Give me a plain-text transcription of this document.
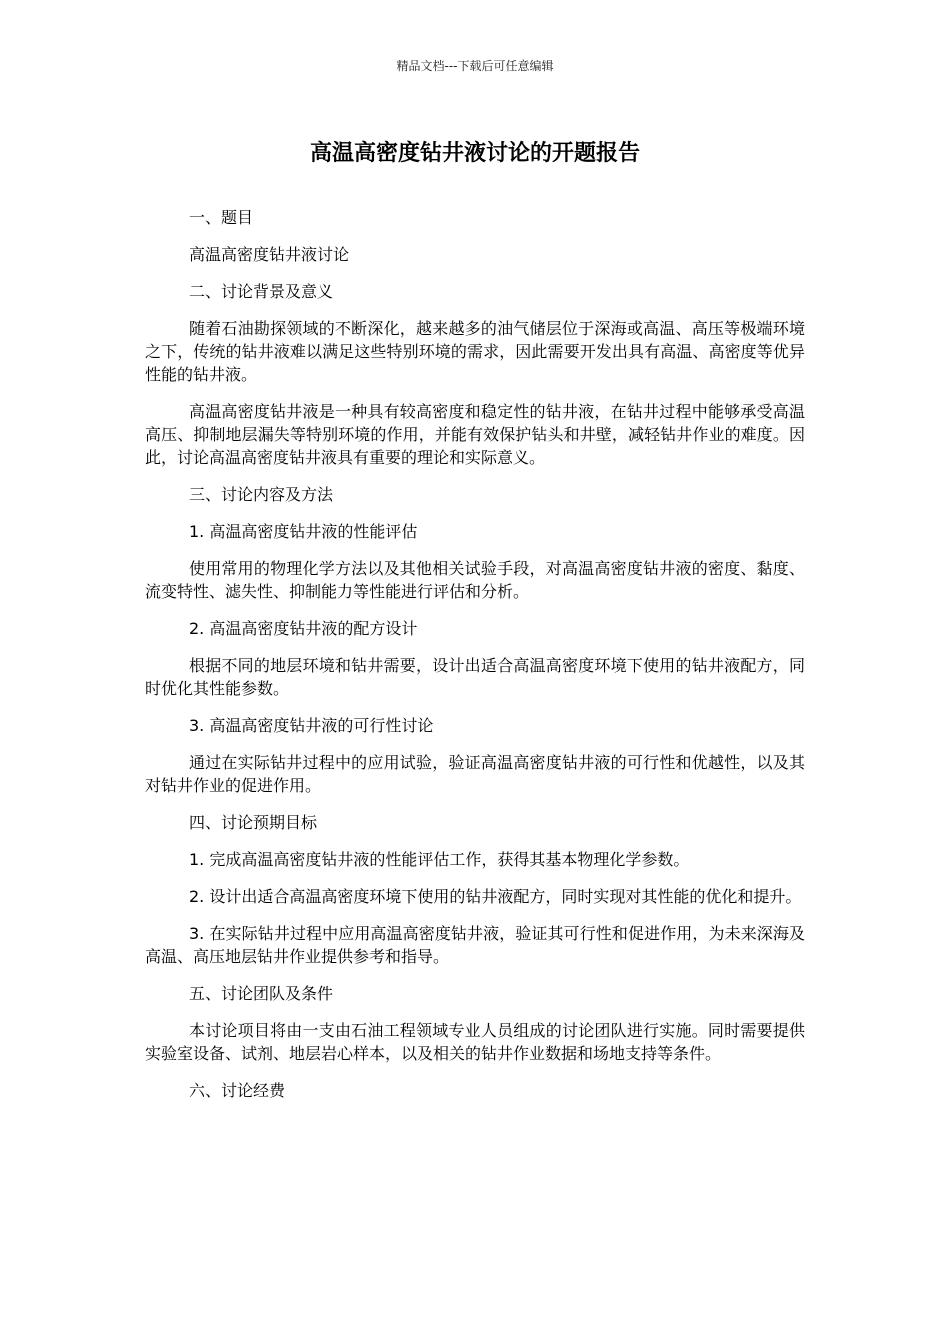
精品文档---下载后可任意编辑
高温高密度钻井液讨论的开题报告

一、题目

高温高密度钻井液讨论

二、讨论背景及意义

随着石油勘探领域的不断深化，越来越多的油气储层位于深海或高温、高压等极端环境之下，传统的钻井液难以满足这些特别环境的需求，因此需要开发出具有高温、高密度等优异性能的钻井液。

高温高密度钻井液是一种具有较高密度和稳定性的钻井液，在钻井过程中能够承受高温高压、抑制地层漏失等特别环境的作用，并能有效保护钻头和井壁，减轻钻井作业的难度。因此，讨论高温高密度钻井液具有重要的理论和实际意义。

三、讨论内容及方法

1. 高温高密度钻井液的性能评估

使用常用的物理化学方法以及其他相关试验手段，对高温高密度钻井液的密度、黏度、流变特性、滤失性、抑制能力等性能进行评估和分析。

2. 高温高密度钻井液的配方设计

根据不同的地层环境和钻井需要，设计出适合高温高密度环境下使用的钻井液配方，同时优化其性能参数。

3. 高温高密度钻井液的可行性讨论

通过在实际钻井过程中的应用试验，验证高温高密度钻井液的可行性和优越性，以及其对钻井作业的促进作用。

四、讨论预期目标

1. 完成高温高密度钻井液的性能评估工作，获得其基本物理化学参数。

2. 设计出适合高温高密度环境下使用的钻井液配方，同时实现对其性能的优化和提升。

3. 在实际钻井过程中应用高温高密度钻井液，验证其可行性和促进作用，为未来深海及高温、高压地层钻井作业提供参考和指导。

五、讨论团队及条件

本讨论项目将由一支由石油工程领域专业人员组成的讨论团队进行实施。同时需要提供实验室设备、试剂、地层岩心样本，以及相关的钻井作业数据和场地支持等条件。

六、讨论经费
